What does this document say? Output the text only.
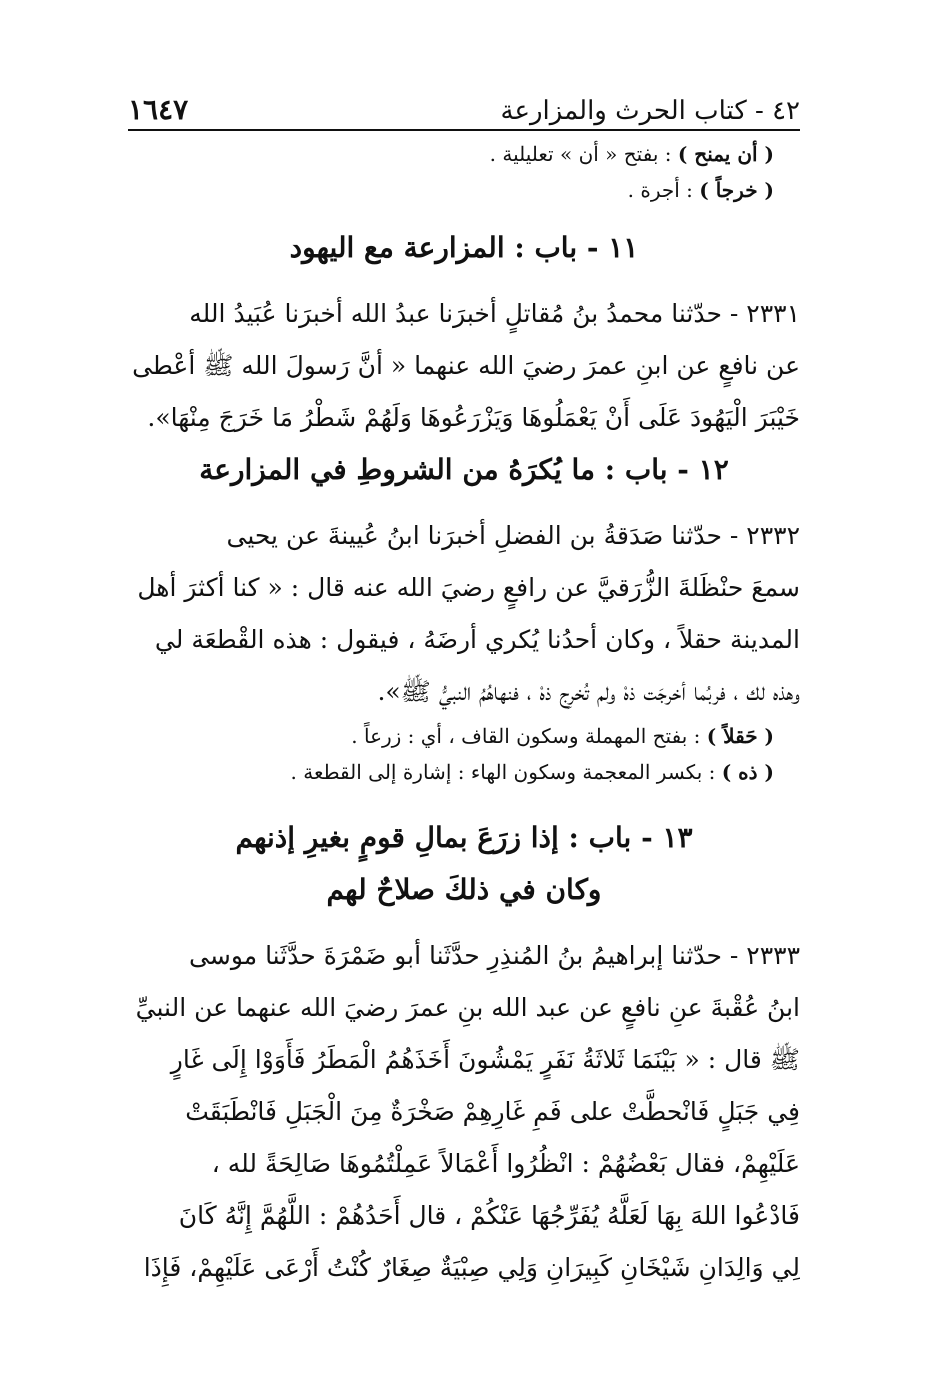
٤٢ - كتاب الحرث والمزارعة
١٦٤٧
( أن يمنح ) : بفتح « أن » تعليلية .
( خرجاً ) : أجرة .
١١ - باب : المزارعة مع اليهود
٢٣٣١ - حدّثنا محمدُ بنُ مُقاتلٍ أخبرَنا عبدُ الله أخبرَنا عُبَيدُ الله
عن نافعٍ عن ابنِ عمرَ رضيَ الله عنهما « أنَّ رَسولَ الله ﷺ أعْطى
خَيْبَرَ الْيَهُودَ عَلَى أَنْ يَعْمَلُوهَا وَيَزْرَعُوهَا وَلَهُمْ شَطْرُ مَا خَرَجَ مِنْهَا».
١٢ - باب : ما يُكرَهُ من الشروطِ في المزارعة
٢٣٣٢ - حدّثنا صَدَقةُ بن الفضلِ أخبرَنا ابنُ عُيينةَ عن يحيى
سمعَ حنْظَلةَ الزُّرَقيَّ عن رافعٍ رضيَ الله عنه قال : « كنا أكثرَ أهل
المدينة حقلاً ، وكان أحدُنا يُكري أرضَهُ ، فيقول : هذه القْطعَة لي
وهذه لك ، فربُما أخرجَت ذهْ ولم تُخرِج ذهْ ، فنهاهُمُ النبيُّ ﷺ».
( حَقلاً ) : بفتح المهملة وسكون القاف ، أي : زرعاً .
( ذه ) : بكسر المعجمة وسكون الهاء : إشارة إلى القطعة .
١٣ - باب : إذا زرَعَ بمالِ قومٍ بغيرِ إذنهم
وكان في ذلكَ صلاحٌ لهم
٢٣٣٣ - حدّثنا إبراهيمُ بنُ المُنذِرِ حدَّثَنا أبو ضَمْرَةَ حدَّثَنا موسى
ابنُ عُقْبةَ عنِ نافعٍ عن عبد الله بنِ عمرَ رضيَ الله عنهما عن النبيِّ
ﷺ قال : « بَيْنَمَا ثَلاثَةُ نَفَرٍ يَمْشُونَ أَخَذَهُمُ الْمَطَرُ فَأَوَوْا إِلَى غَارٍ
فِي جَبَلٍ فَانْحطَّتْ على فَمِ غَارِهِمْ صَخْرَةٌ مِنَ الْجَبَلِ فَانْطَبَقَتْ
عَلَيْهِمْ، فقال بَعْضُهُمْ : انْظُرُوا أَعْمَالاً عَمِلْتُمُوهَا صَالِحَةً لله ،
فَادْعُوا اللهَ بِهَا لَعَلَّهُ يُفَرِّجُهَا عَنْكُمْ ، قال أَحَدُهُمْ : اللَّهُمَّ إِنَّهُ كَانَ
لِي وَالِدَانِ شَيْخَانِ كَبِيرَانِ وَلِي صِبْيَةٌ صِغَارٌ كُنْتُ أَرْعَى عَلَيْهِمْ، فَإِذَا
